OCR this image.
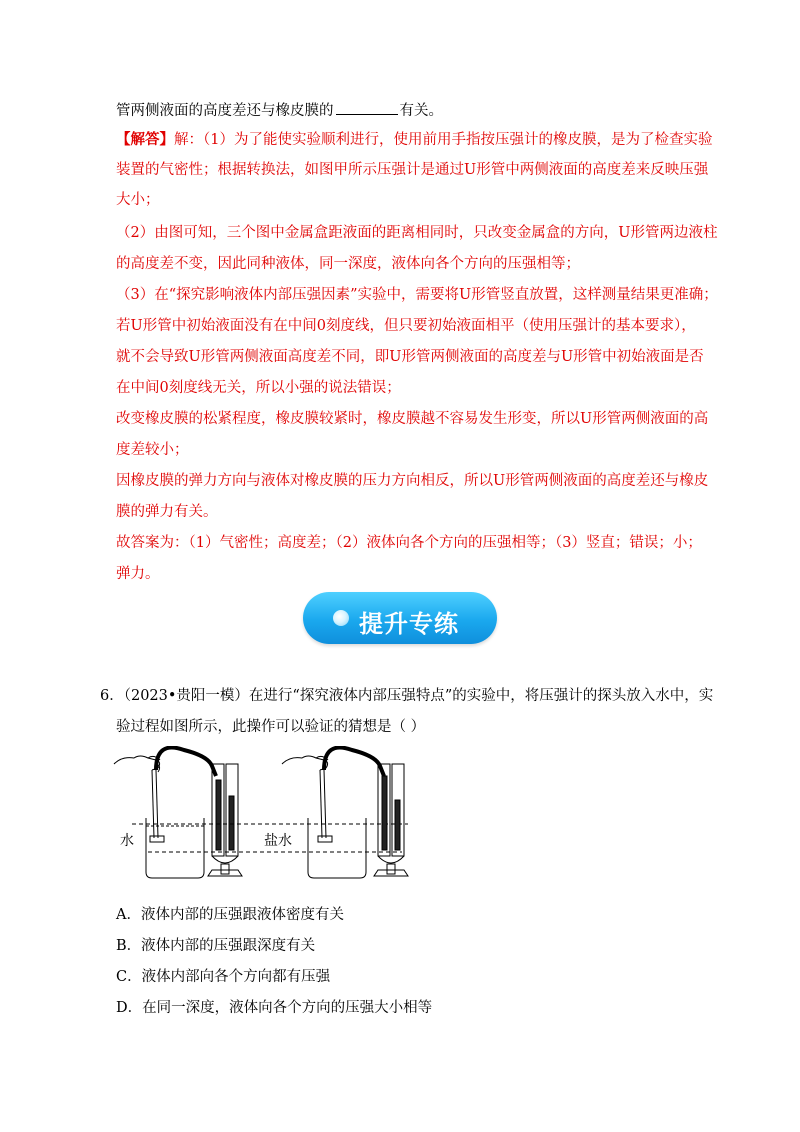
管两侧液面的高度差还与橡皮膜的	有关。
【解答】解：（1）为了能使实验顺利进行，使用前用手指按压强计的橡皮膜，是为了检查实验
装置的气密性；根据转换法，如图甲所示压强计是通过U形管中两侧液面的高度差来反映压强
大小；
（2）由图可知，三个图中金属盒距液面的距离相同时，只改变金属盒的方向，U形管两边液柱
的高度差不变，因此同种液体，同一深度，液体向各个方向的压强相等；
（3）在“探究影响液体内部压强因素”实验中，需要将U形管竖直放置，这样测量结果更准确；
若U形管中初始液面没有在中间0刻度线，但只要初始液面相平（使用压强计的基本要求），
就不会导致U形管两侧液面高度差不同，即U形管两侧液面的高度差与U形管中初始液面是否
在中间0刻度线无关，所以小强的说法错误；
改变橡皮膜的松紧程度，橡皮膜较紧时，橡皮膜越不容易发生形变，所以U形管两侧液面的高
度差较小；
因橡皮膜的弹力方向与液体对橡皮膜的压力方向相反，所以U形管两侧液面的高度差还与橡皮
膜的弹力有关。
故答案为：（1）气密性；高度差；（2）液体向各个方向的压强相等；（3）竖直；错误；小；
弹力。
提升专练
6．（2023•贵阳一模）在进行“探究液体内部压强特点”的实验中，将压强计的探头放入水中，实
验过程如图所示，此操作可以验证的猜想是（ ）
水	盐水
A．液体内部的压强跟液体密度有关
B．液体内部的压强跟深度有关
C．液体内部向各个方向都有压强
D．在同一深度，液体向各个方向的压强大小相等
